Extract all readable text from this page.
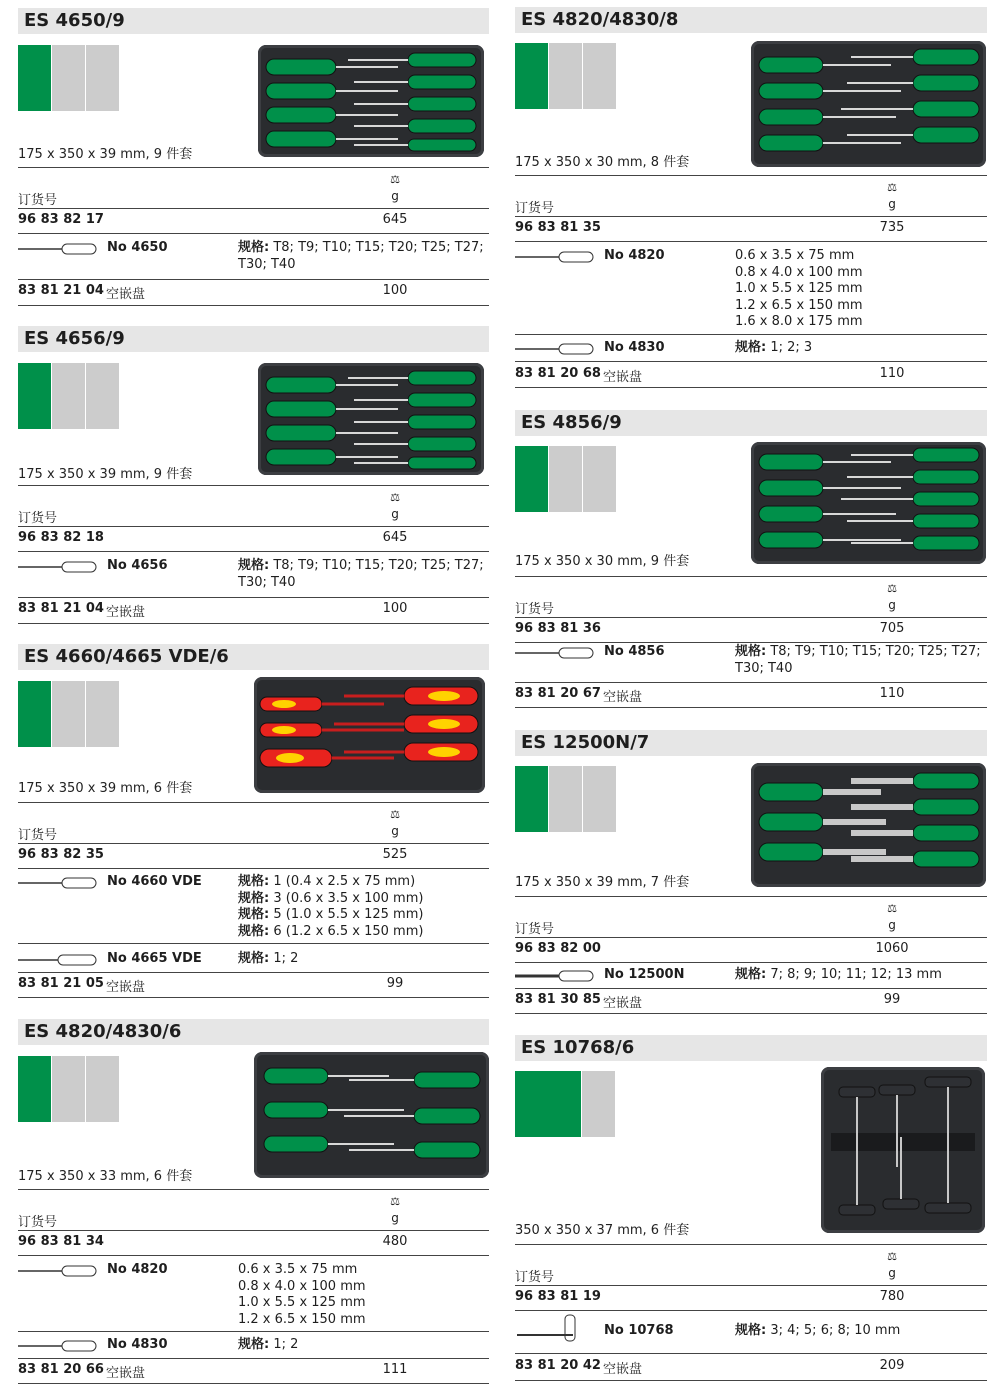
ES 4650/9
175 x 350 x 39 mm, 9 件套
⚖
g
订货号
96 83 82 17	645
No 4650	规格: T8; T9; T10; T15; T20; T25; T27;
T30; T40
83 81 21 04 空嵌盘	100
ES 4656/9
175 x 350 x 39 mm, 9 件套
⚖
g
订货号
96 83 82 18	645
No 4656	规格: T8; T9; T10; T15; T20; T25; T27;
T30; T40
83 81 21 04 空嵌盘	100
ES 4660/4665 VDE/6
175 x 350 x 39 mm, 6 件套
⚖
g
订货号
96 83 82 35	525
No 4660 VDE	规格: 1 (0.4 x 2.5 x 75 mm)
规格: 3 (0.6 x 3.5 x 100 mm)
规格: 5 (1.0 x 5.5 x 125 mm)
规格: 6 (1.2 x 6.5 x 150 mm)
No 4665 VDE	规格: 1; 2
83 81 21 05 空嵌盘	99
ES 4820/4830/6
175 x 350 x 33 mm, 6 件套
⚖
g
订货号
96 83 81 34	480
No 4820	0.6 x 3.5 x 75 mm
0.8 x 4.0 x 100 mm
1.0 x 5.5 x 125 mm
1.2 x 6.5 x 150 mm
No 4830	规格: 1; 2
83 81 20 66 空嵌盘	111
ES 4820/4830/8
175 x 350 x 30 mm, 8 件套
⚖
g
订货号
96 83 81 35	735
No 4820	0.6 x 3.5 x 75 mm
0.8 x 4.0 x 100 mm
1.0 x 5.5 x 125 mm
1.2 x 6.5 x 150 mm
1.6 x 8.0 x 175 mm
No 4830	规格: 1; 2; 3
83 81 20 68 空嵌盘	110
ES 4856/9
175 x 350 x 30 mm, 9 件套
⚖
g
订货号
96 83 81 36	705
No 4856	规格: T8; T9; T10; T15; T20; T25; T27;
T30; T40
83 81 20 67 空嵌盘	110
ES 12500N/7
175 x 350 x 39 mm, 7 件套
⚖
g
订货号
96 83 82 00	1060
No 12500N	规格: 7; 8; 9; 10; 11; 12; 13 mm
83 81 30 85 空嵌盘	99
ES 10768/6
350 x 350 x 37 mm, 6 件套
⚖
g
订货号
96 83 81 19	780
No 10768	规格: 3; 4; 5; 6; 8; 10 mm
83 81 20 42 空嵌盘	209
